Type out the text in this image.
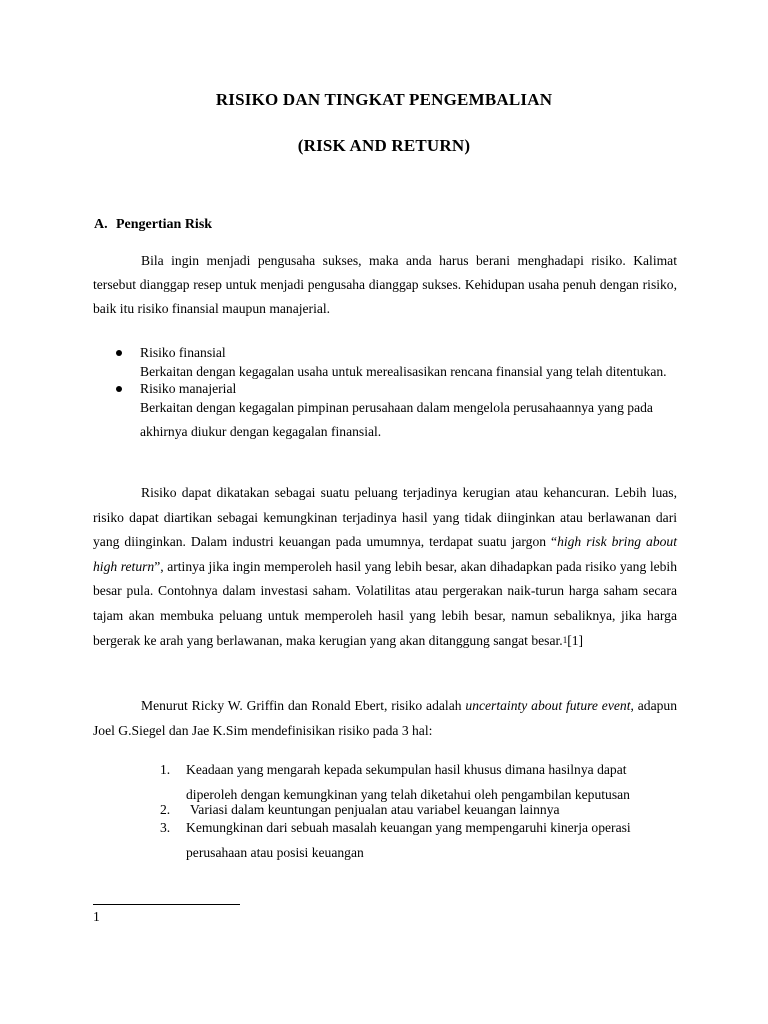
RISIKO DAN TINGKAT PENGEMBALIAN
(RISK AND RETURN)
A. Pengertian Risk

Bila ingin menjadi pengusaha sukses, maka anda harus berani menghadapi risiko. Kalimat tersebut dianggap resep untuk menjadi pengusaha dianggap sukses. Kehidupan usaha penuh dengan risiko, baik itu risiko finansial maupun manajerial.

Risiko finansial
Berkaitan dengan kegagalan usaha untuk merealisasikan rencana finansial yang telah ditentukan.
Risiko manajerial
Berkaitan dengan kegagalan pimpinan perusahaan dalam mengelola perusahaannya yang pada akhirnya diukur dengan kegagalan finansial.

Risiko dapat dikatakan sebagai suatu peluang terjadinya kerugian atau kehancuran. Lebih luas, risiko dapat diartikan sebagai kemungkinan terjadinya hasil yang tidak diinginkan atau berlawanan dari yang diinginkan. Dalam industri keuangan pada umumnya, terdapat suatu jargon “high risk bring about high return”, artinya jika ingin memperoleh hasil yang lebih besar, akan dihadapkan pada risiko yang lebih besar pula. Contohnya dalam investasi saham. Volatilitas atau pergerakan naik-turun harga saham secara tajam akan membuka peluang untuk memperoleh hasil yang lebih besar, namun sebaliknya, jika harga bergerak ke arah yang berlawanan, maka kerugian yang akan ditanggung sangat besar.$^1$[1]

Menurut Ricky W. Griffin dan Ronald Ebert, risiko adalah uncertainty about future event, adapun Joel G.Siegel dan Jae K.Sim mendefinisikan risiko pada 3 hal:

1. Keadaan yang mengarah kepada sekumpulan hasil khusus dimana hasilnya dapat diperoleh dengan kemungkinan yang telah diketahui oleh pengambilan keputusan
2. Variasi dalam keuntungan penjualan atau variabel keuangan lainnya
3. Kemungkinan dari sebuah masalah keuangan yang mempengaruhi kinerja operasi perusahaan atau posisi keuangan
1
